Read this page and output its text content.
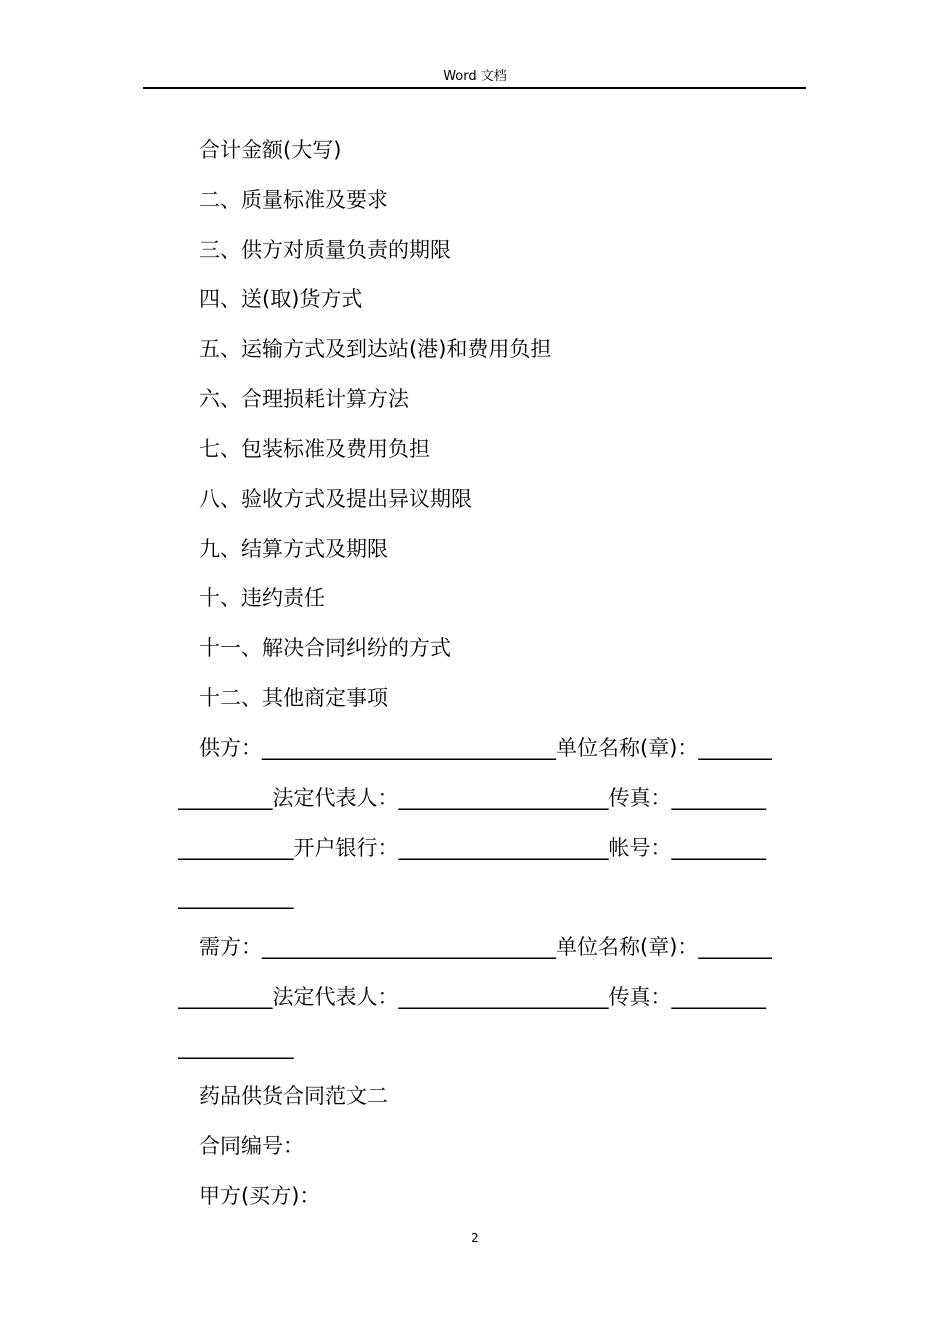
Word 文档
　合计金额(大写)
　二、质量标准及要求
　三、供方对质量负责的期限
　四、送(取)货方式
　五、运输方式及到达站(港)和费用负担
　六、合理损耗计算方法
　七、包装标准及费用负担
　八、验收方式及提出异议期限
　九、结算方式及期限
　十、违约责任
　十一、解决合同纠纷的方式
　十二、其他商定事项
　供方：____________________________单位名称(章)：_______
_________法定代表人：____________________传真：_________
___________开户银行：____________________帐号：_________
___________
　需方：____________________________单位名称(章)：_______
_________法定代表人：____________________传真：_________
___________
　药品供货合同范文二
　合同编号：
　甲方(买方)：
2
